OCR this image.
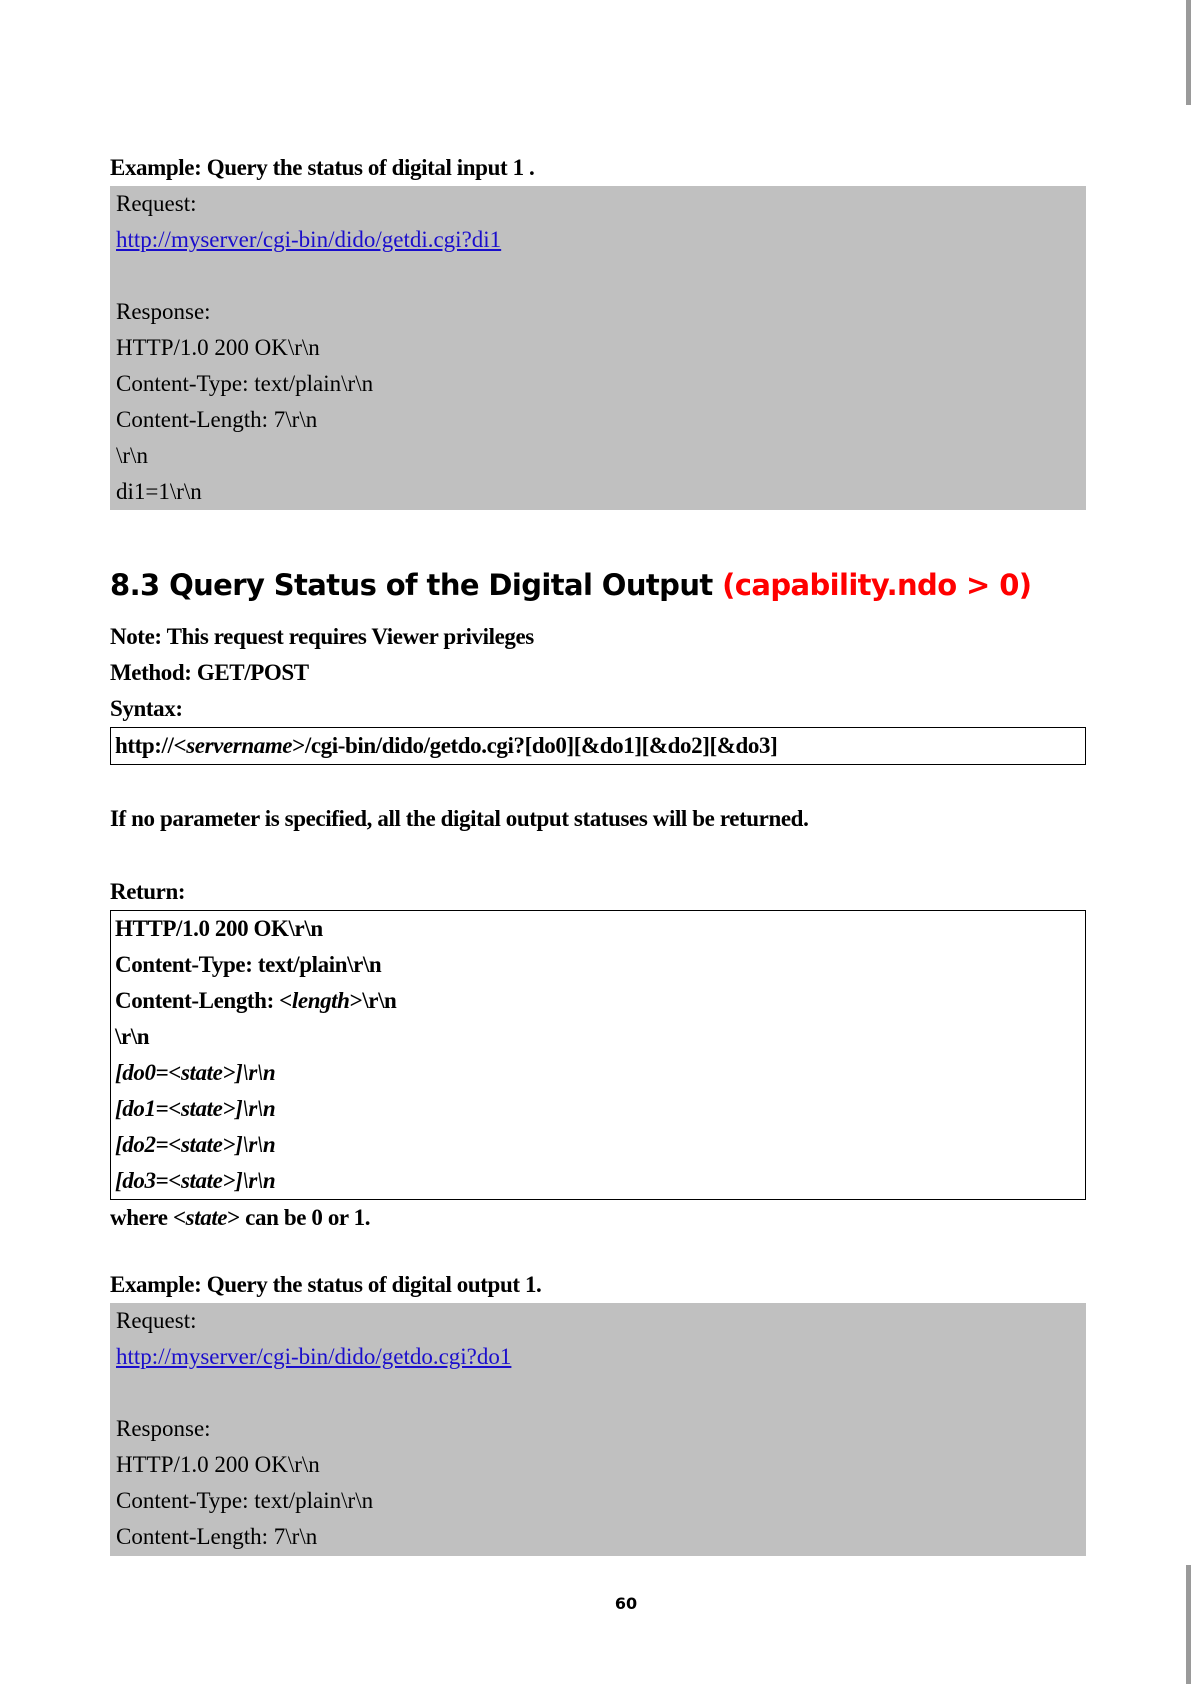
Example: Query the status of digital input 1 .
Request:
http://myserver/cgi-bin/dido/getdi.cgi?di1
Response:
HTTP/1.0 200 OK\r\n
Content-Type: text/plain\r\n
Content-Length: 7\r\n
\r\n
di1=1\r\n
8.3 Query Status of the Digital Output (capability.ndo > 0)
Note: This request requires Viewer privileges
Method: GET/POST
Syntax:
http://<servername>/cgi-bin/dido/getdo.cgi?[do0][&do1][&do2][&do3]
If no parameter is specified, all the digital output statuses will be returned.
Return:
HTTP/1.0 200 OK\r\n
Content-Type: text/plain\r\n
Content-Length: <length>\r\n
\r\n
[do0=<state>]\r\n
[do1=<state>]\r\n
[do2=<state>]\r\n
[do3=<state>]\r\n
where <state> can be 0 or 1.
Example: Query the status of digital output 1.
Request:
http://myserver/cgi-bin/dido/getdo.cgi?do1
Response:
HTTP/1.0 200 OK\r\n
Content-Type: text/plain\r\n
Content-Length: 7\r\n
60
